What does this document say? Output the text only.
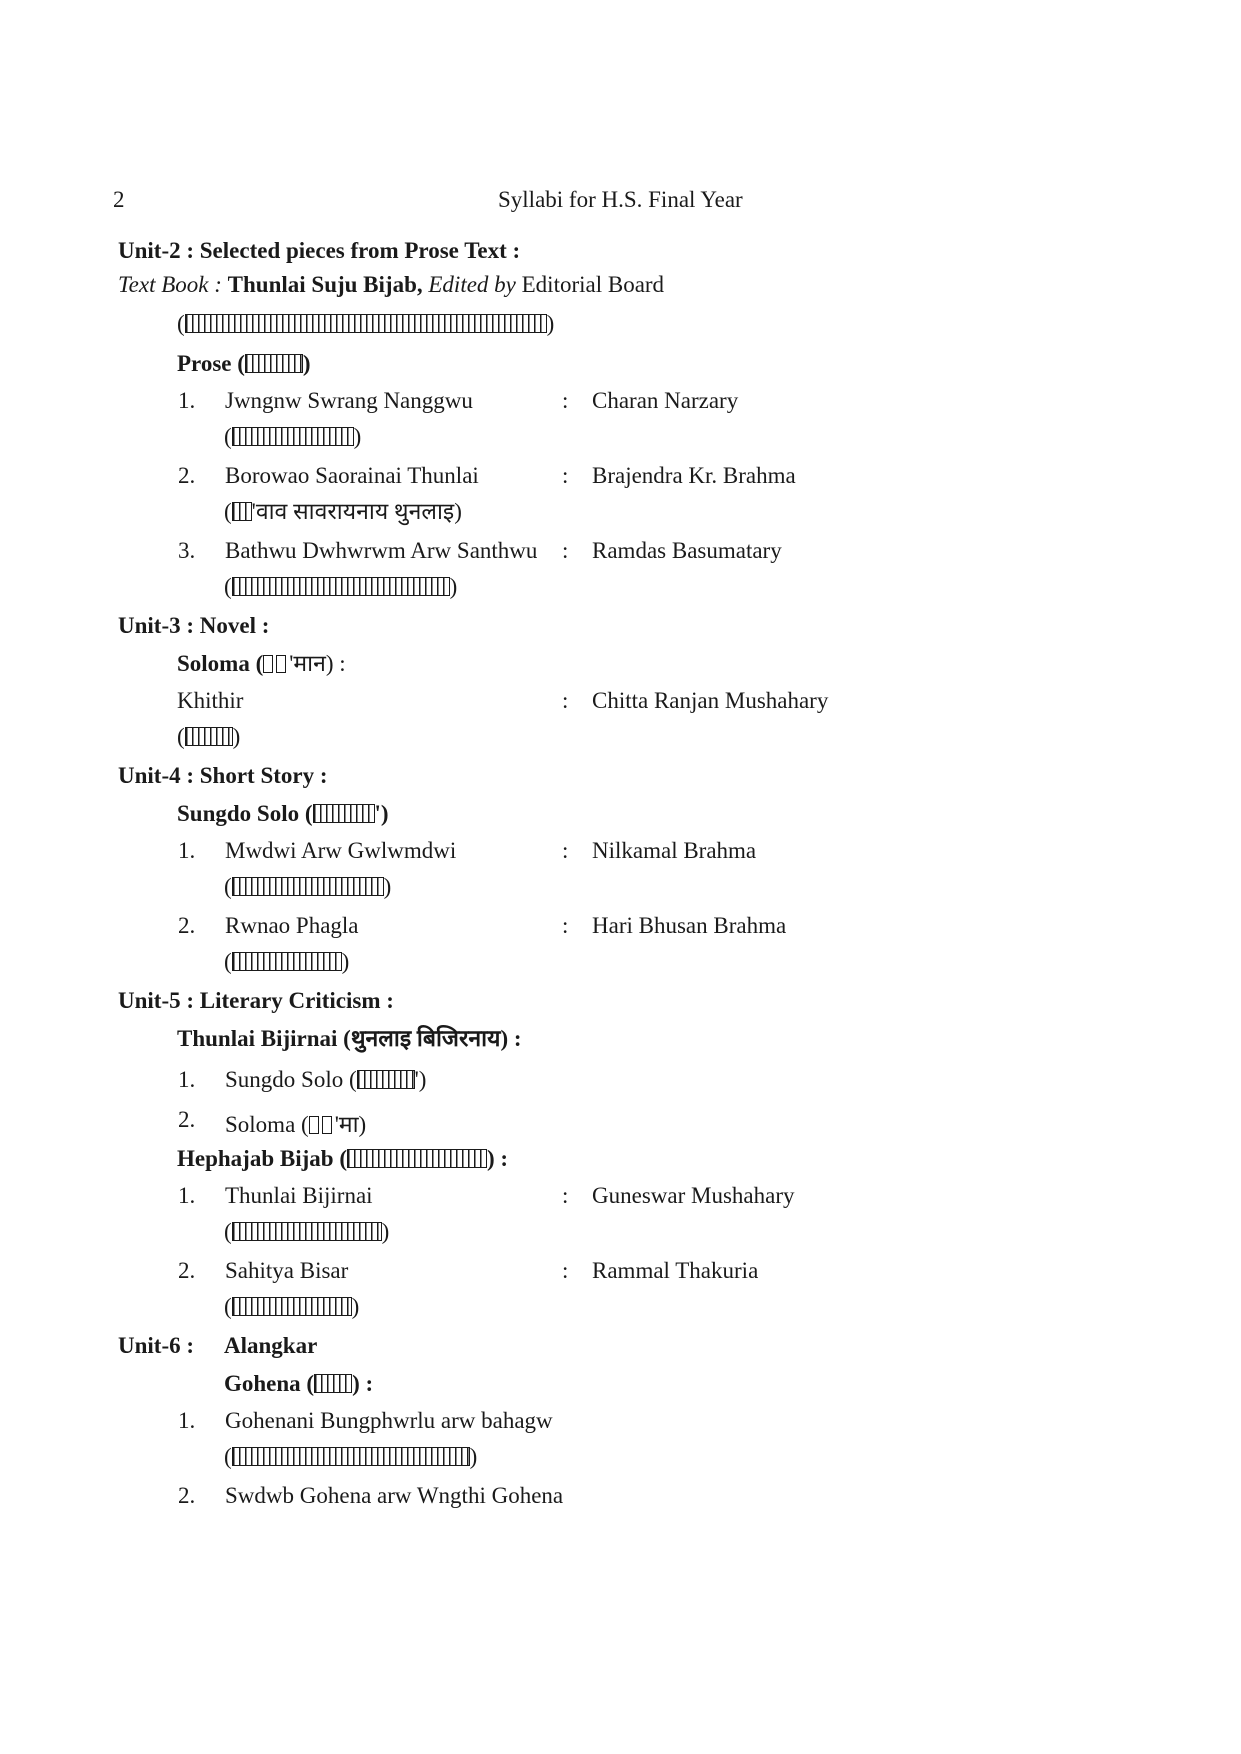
2	Syllabi for H.S. Final Year
Unit-2 : Selected pieces from Prose Text :
Text Book : Thunlai Suju Bijab, Edited by Editorial Board
(	)
Prose (	)
1. Jwngnw Swrang Nanggwu	: Charan Narzary
(	)
2. Borowao Saorainai Thunlai	: Brajendra Kr. Brahma
( 'वाव सावरायनाय थुनलाइ)
3. Bathwu Dwhwrwm Arw Santhwu : Ramdas Basumatary
(	)
Unit-3 : Novel :
Soloma ( 'मान) :
Khithir	: Chitta Ranjan Mushahary
( )
Unit-4 : Short Story :
Sungdo Solo (	')
1. Mwdwi Arw Gwlwmdwi	: Nilkamal Brahma
(	)
2. Rwnao Phagla	: Hari Bhusan Brahma
(	)
Unit-5 : Literary Criticism :
Thunlai Bijirnai (थुनलाइ बिजिरनाय) :
1. Sungdo Solo (	')
2. Soloma ( 'मा)
Hephajab Bijab (	) :
1. Thunlai Bijirnai	: Guneswar Mushahary
(	)
2. Sahitya Bisar	: Rammal Thakuria
(	)
Unit-6 : Alangkar
Gohena ( ) :
1. Gohenani Bungphwrlu arw bahagw
(	)
2. Swdwb Gohena arw Wngthi Gohena
